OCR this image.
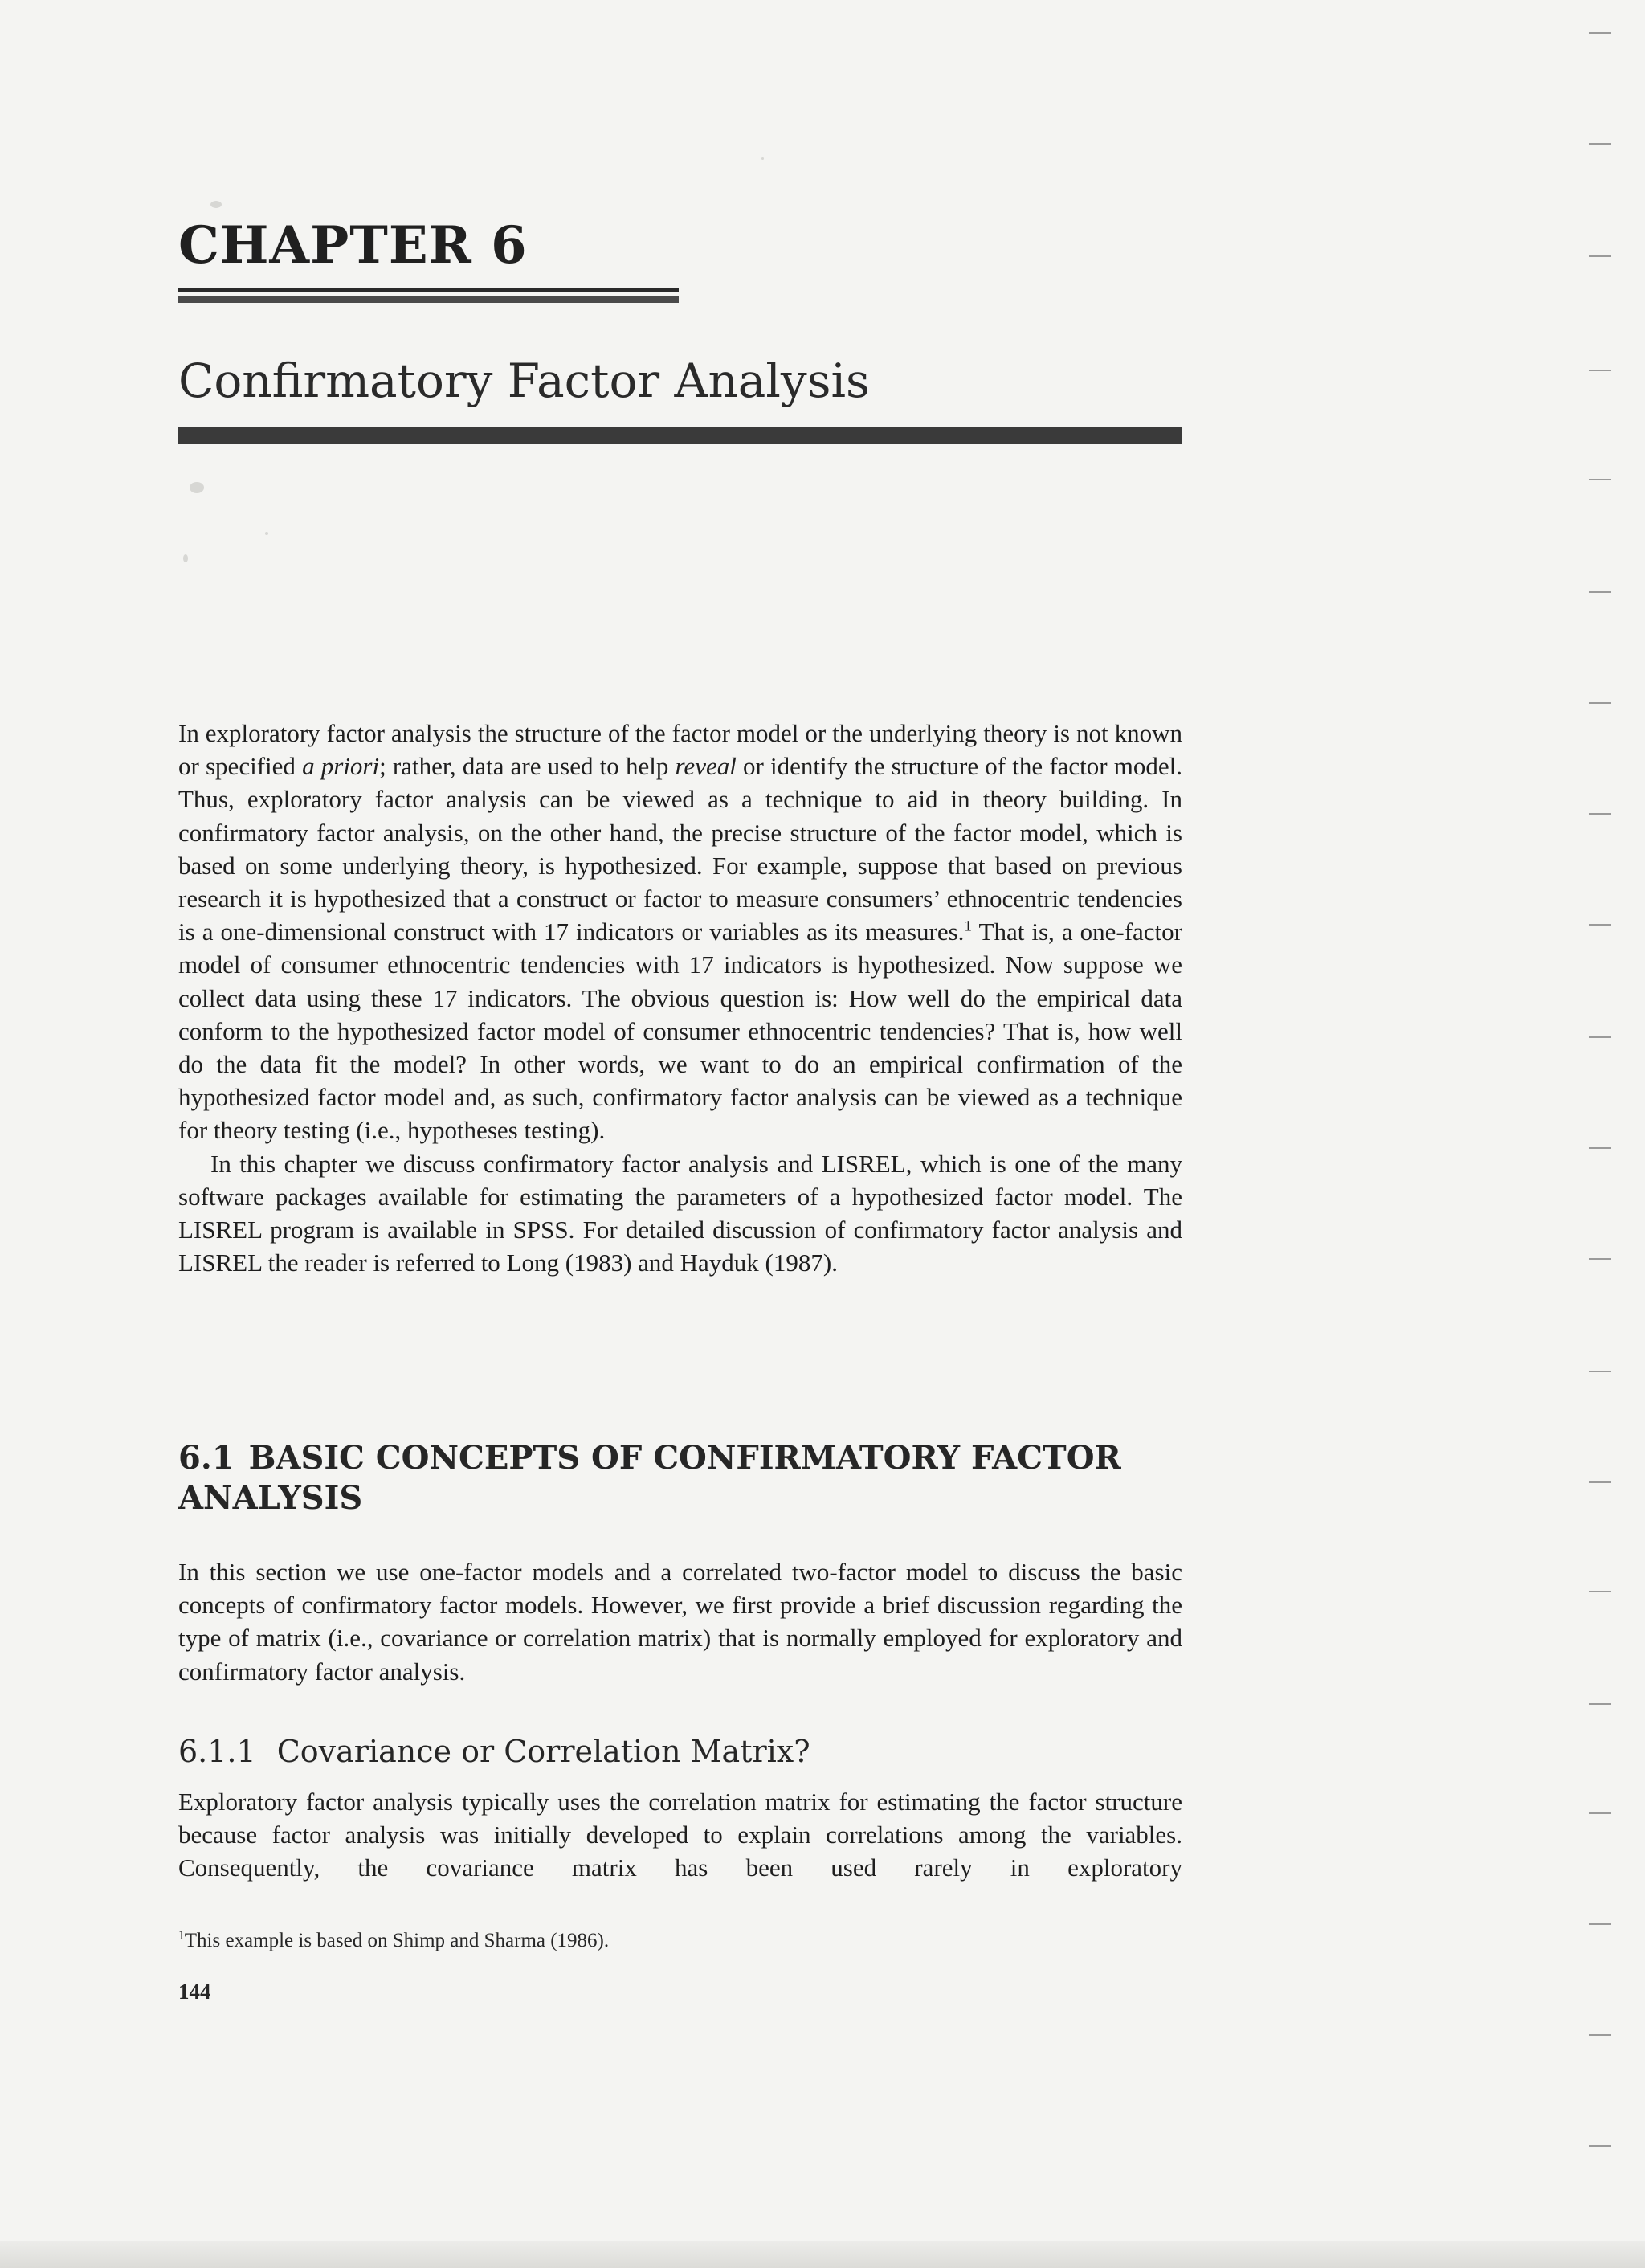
CHAPTER 6
Confirmatory Factor Analysis

In exploratory factor analysis the structure of the factor model or the underlying theory is not known or specified a priori; rather, data are used to help reveal or identify the structure of the factor model. Thus, exploratory factor analysis can be viewed as a technique to aid in theory building. In confirmatory factor analysis, on the other hand, the precise structure of the factor model, which is based on some underlying theory, is hypothesized. For example, suppose that based on previous research it is hypothesized that a construct or factor to measure consumers’ ethnocentric tendencies is a one-dimensional construct with 17 indicators or variables as its measures.$^1$ That is, a one-factor model of consumer ethnocentric tendencies with 17 indicators is hypothesized. Now suppose we collect data using these 17 indicators. The obvious question is: How well do the empirical data conform to the hypothesized factor model of consumer ethnocentric tendencies? That is, how well do the data fit the model? In other words, we want to do an empirical confirmation of the hypothesized factor model and, as such, confirmatory factor analysis can be viewed as a technique for theory testing (i.e., hypotheses testing).

In this chapter we discuss confirmatory factor analysis and LISREL, which is one of the many software packages available for estimating the parameters of a hypothesized factor model. The LISREL program is available in SPSS. For detailed discussion of confirmatory factor analysis and LISREL the reader is referred to Long (1983) and Hayduk (1987).

6.1 BASIC CONCEPTS OF CONFIRMATORY FACTOR ANALYSIS

In this section we use one-factor models and a correlated two-factor model to discuss the basic concepts of confirmatory factor models. However, we first provide a brief discussion regarding the type of matrix (i.e., covariance or correlation matrix) that is normally employed for exploratory and confirmatory factor analysis.

6.1.1 Covariance or Correlation Matrix?

Exploratory factor analysis typically uses the correlation matrix for estimating the factor structure because factor analysis was initially developed to explain correlations among the variables. Consequently, the covariance matrix has been used rarely in exploratory

$^1$This example is based on Shimp and Sharma (1986).
144
